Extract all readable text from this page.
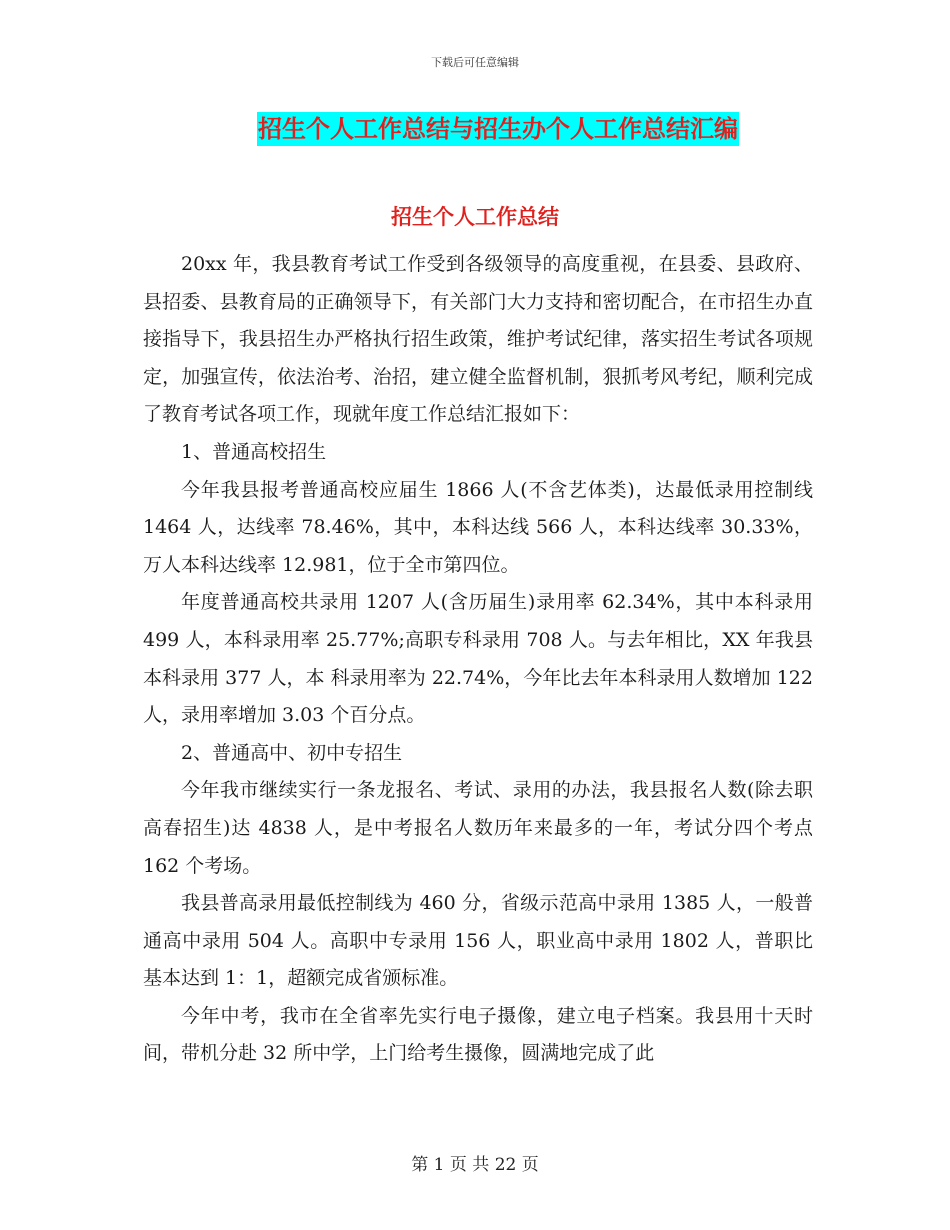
下载后可任意编辑
招生个人工作总结与招生办个人工作总结汇编
招生个人工作总结

20xx 年，我县教育考试工作受到各级领导的高度重视，在县委、县政府、县招委、县教育局的正确领导下，有关部门大力支持和密切配合，在市招生办直接指导下，我县招生办严格执行招生政策，维护考试纪律，落实招生考试各项规定，加强宣传，依法治考、治招，建立健全监督机制，狠抓考风考纪，顺利完成了教育考试各项工作，现就年度工作总结汇报如下：

1、普通高校招生

今年我县报考普通高校应届生 1866 人(不含艺体类)，达最低录用控制线 1464 人，达线率 78.46%，其中，本科达线 566 人，本科达线率 30.33%，万人本科达线率 12.981，位于全市第四位。

年度普通高校共录用 1207 人(含历届生)录用率 62.34%，其中本科录用 499 人，本科录用率 25.77%;高职专科录用 708 人。与去年相比，XX 年我县本科录用 377 人，本 科录用率为 22.74%，今年比去年本科录用人数增加 122 人，录用率增加 3.03 个百分点。

2、普通高中、初中专招生

今年我市继续实行一条龙报名、考试、录用的办法，我县报名人数(除去职高春招生)达 4838 人，是中考报名人数历年来最多的一年，考试分四个考点 162 个考场。

我县普高录用最低控制线为 460 分，省级示范高中录用 1385 人，一般普通高中录用 504 人。高职中专录用 156 人，职业高中录用 1802 人，普职比基本达到 1：1，超额完成省颁标准。

今年中考，我市在全省率先实行电子摄像，建立电子档案。我县用十天时间，带机分赴 32 所中学，上门给考生摄像，圆满地完成了此

第 1 页 共 22 页
